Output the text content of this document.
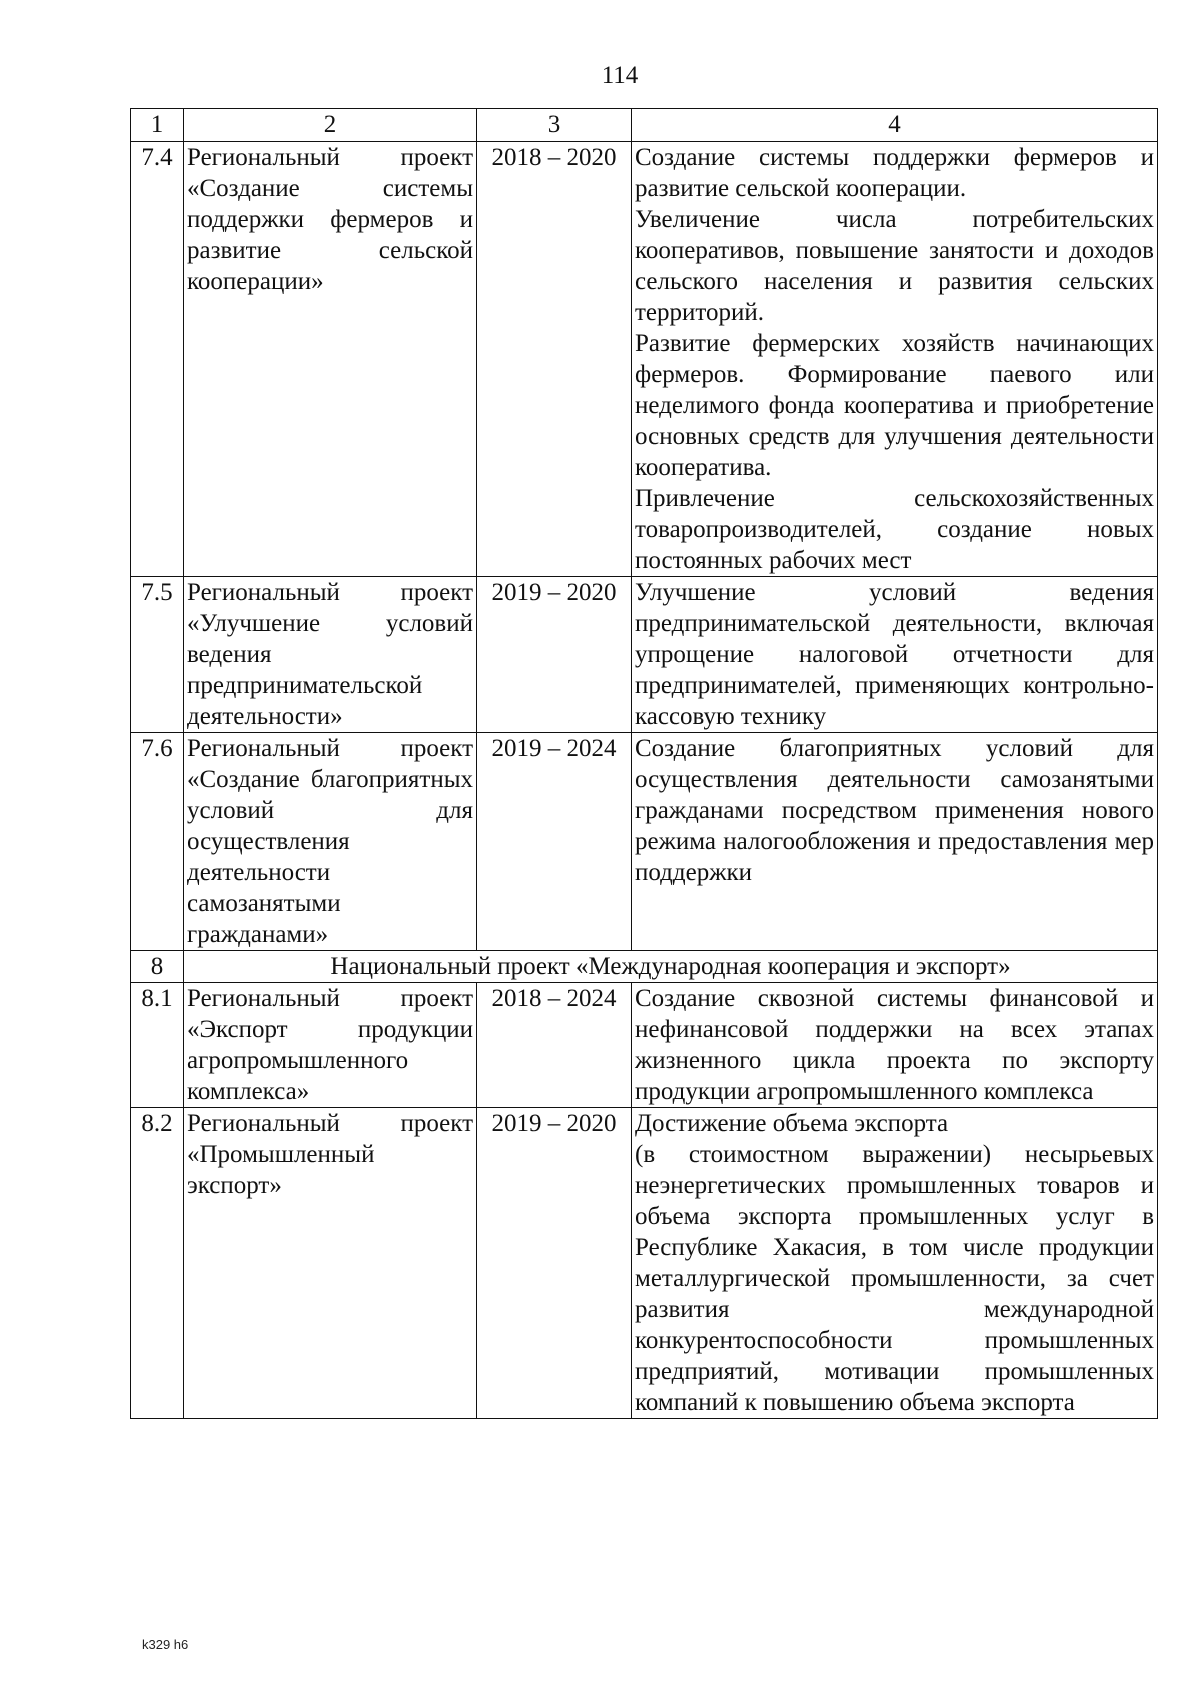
114
1	2	3	4
7.4	Региональный проект «Создание системы поддержки фермеров и развитие сельской кооперации»	2018 – 2020	Создание системы поддержки фермеров и развитие сельской кооперации.
Увеличение числа потребительских кооперативов, повышение занятости и доходов сельского населения и развития сельских территорий.
Развитие фермерских хозяйств начинающих фермеров. Формирование паевого или неделимого фонда кооператива и приобретение основных средств для улучшения деятельности кооператива.
Привлечение сельскохозяйственных товаропроизводителей, создание новых постоянных рабочих мест

7.5	Региональный проект «Улучшение условий ведения предпринимательской деятельности»	2019 – 2020	Улучшение условий ведения предпринимательской деятельности, включая упрощение налоговой отчетности для предпринимателей, применяющих контрольно-кассовую технику

7.6	Региональный проект «Создание благоприятных условий для осуществления деятельности самозанятыми гражданами»	2019 – 2024	Создание благоприятных условий для осуществления деятельности самозанятыми гражданами посредством применения нового режима налогообложения и предоставления мер поддержки

8	Национальный проект «Международная кооперация и экспорт»		
8.1	Региональный проект «Экспорт продукции агропромышленного комплекса»	2018 – 2024	Создание сквозной системы финансовой и нефинансовой поддержки на всех этапах жизненного цикла проекта по экспорту продукции агропромышленного комплекса

8.2	Региональный проект «Промышленный экспорт»	2019 – 2020	Достижение объема экспорта
(в стоимостном выражении) несырьевых неэнергетических промышленных товаров и объема экспорта промышленных услуг в Республике Хакасия, в том числе продукции металлургической промышленности, за счет развития международной конкурентоспособности промышленных предприятий, мотивации промышленных компаний к повышению объема экспорта
k329 h6
